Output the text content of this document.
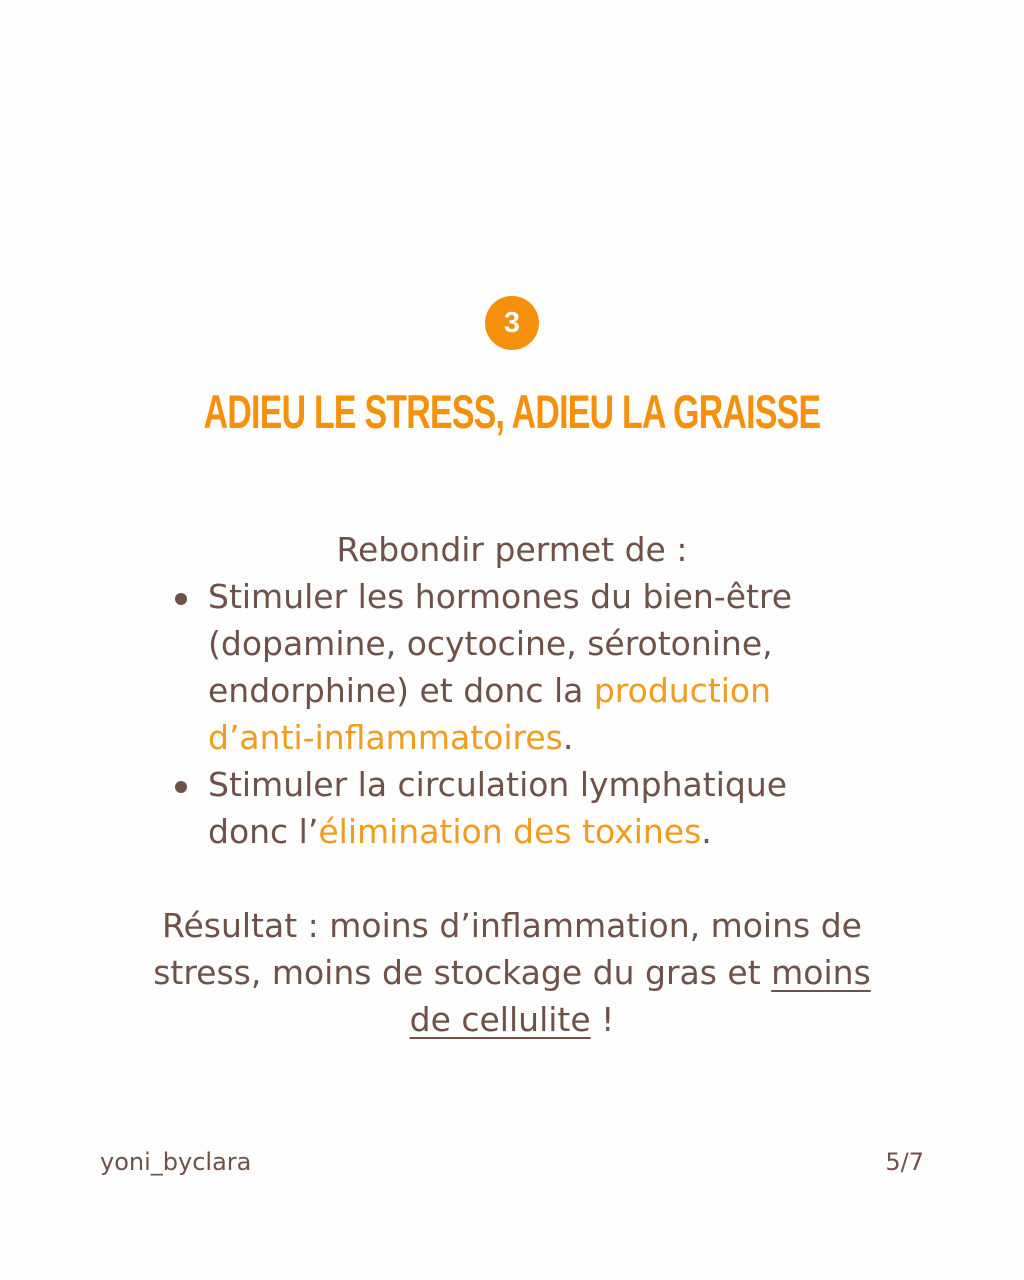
3
ADIEU LE STRESS, ADIEU LA GRAISSE

Rebondir permet de :

Stimuler les hormones du bien-être (dopamine, ocytocine, sérotonine, endorphine) et donc la production d’anti-inflammatoires.
Stimuler la circulation lymphatique donc l’élimination des toxines.

Résultat : moins d’inflammation, moins de stress, moins de stockage du gras et moins de cellulite !

yoni_byclara	5/7
